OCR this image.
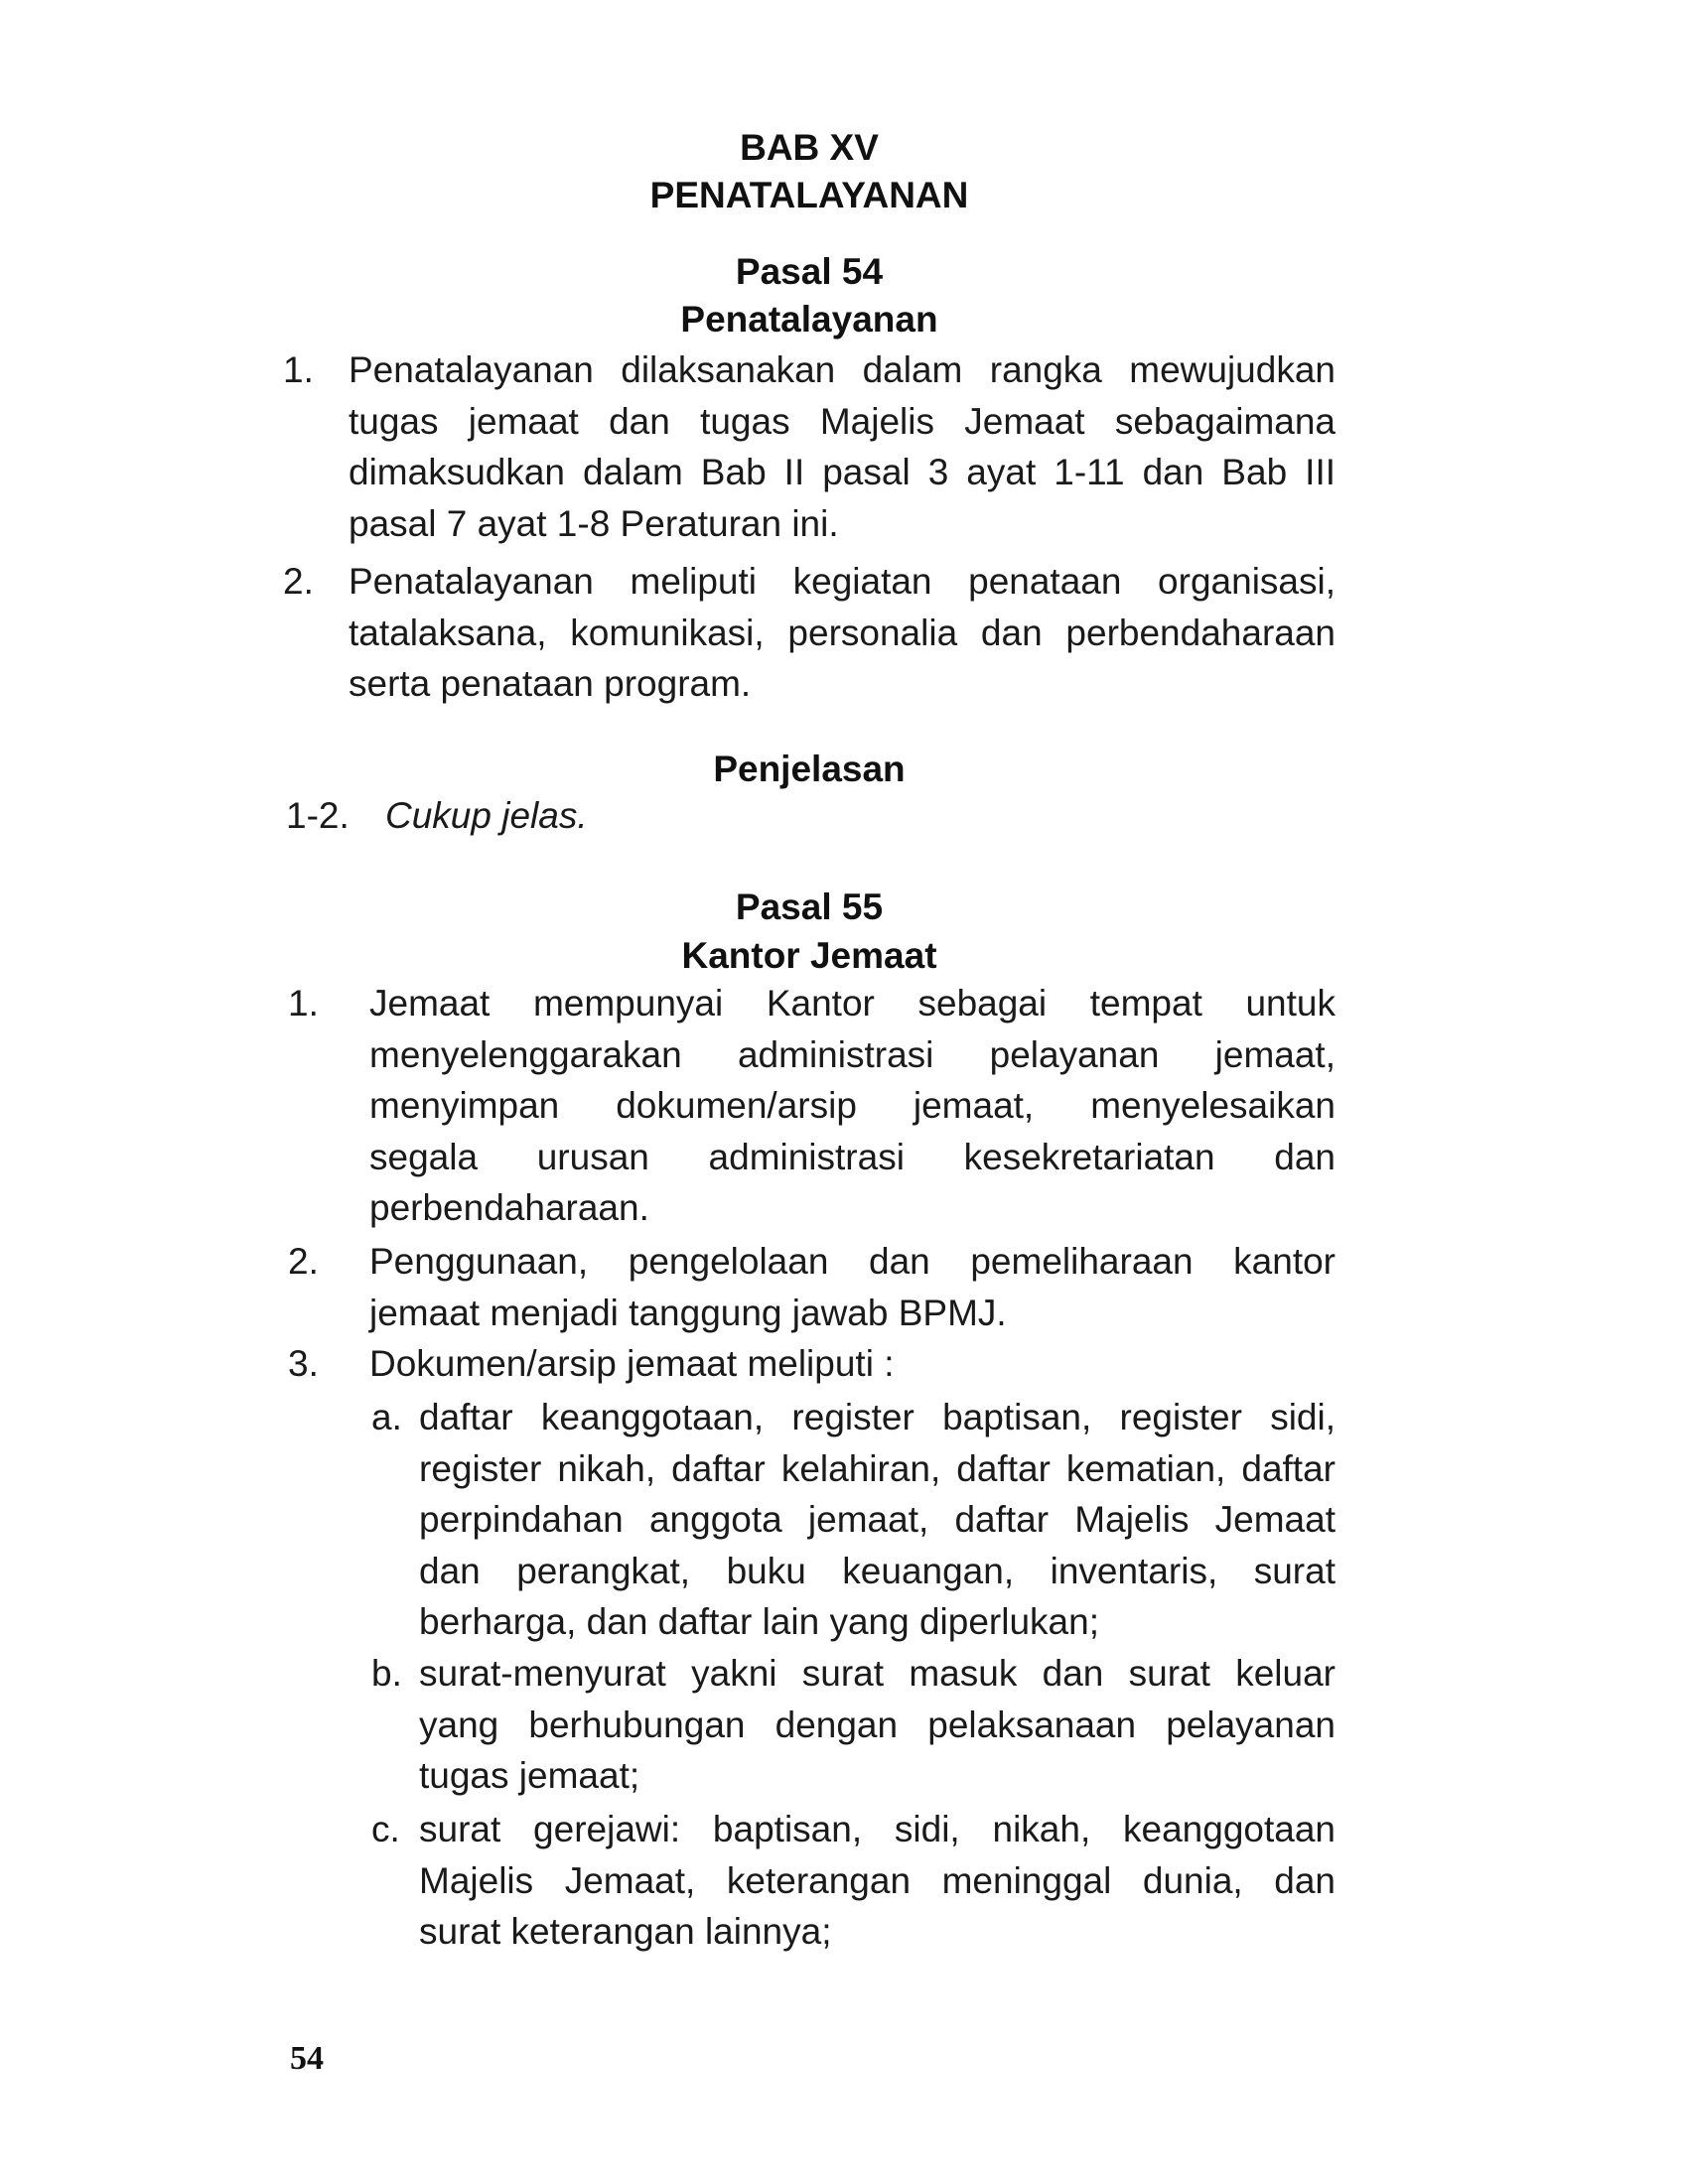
BAB XV
PENATALAYANAN
Pasal 54
Penatalayanan
1. Penatalayanan dilaksanakan dalam rangka mewujudkan
tugas jemaat dan tugas Majelis Jemaat sebagaimana
dimaksudkan dalam Bab II pasal 3 ayat 1-11 dan Bab III
pasal 7 ayat 1-8 Peraturan ini.
2. Penatalayanan meliputi kegiatan penataan organisasi,
tatalaksana, komunikasi, personalia dan perbendaharaan
serta penataan program.
Penjelasan
1-2. Cukup jelas.
Pasal 55
Kantor Jemaat
1. Jemaat mempunyai Kantor sebagai tempat untuk
menyelenggarakan administrasi pelayanan jemaat,
menyimpan dokumen/arsip jemaat, menyelesaikan
segala urusan administrasi kesekretariatan dan
perbendaharaan.
2. Penggunaan, pengelolaan dan pemeliharaan kantor
jemaat menjadi tanggung jawab BPMJ.
3. Dokumen/arsip jemaat meliputi :
a. daftar keanggotaan, register baptisan, register sidi,
register nikah, daftar kelahiran, daftar kematian, daftar
perpindahan anggota jemaat, daftar Majelis Jemaat
dan perangkat, buku keuangan, inventaris, surat
berharga, dan daftar lain yang diperlukan;
b. surat-menyurat yakni surat masuk dan surat keluar
yang berhubungan dengan pelaksanaan pelayanan
tugas jemaat;
c. surat gerejawi: baptisan, sidi, nikah, keanggotaan
Majelis Jemaat, keterangan meninggal dunia, dan
surat keterangan lainnya;
54
